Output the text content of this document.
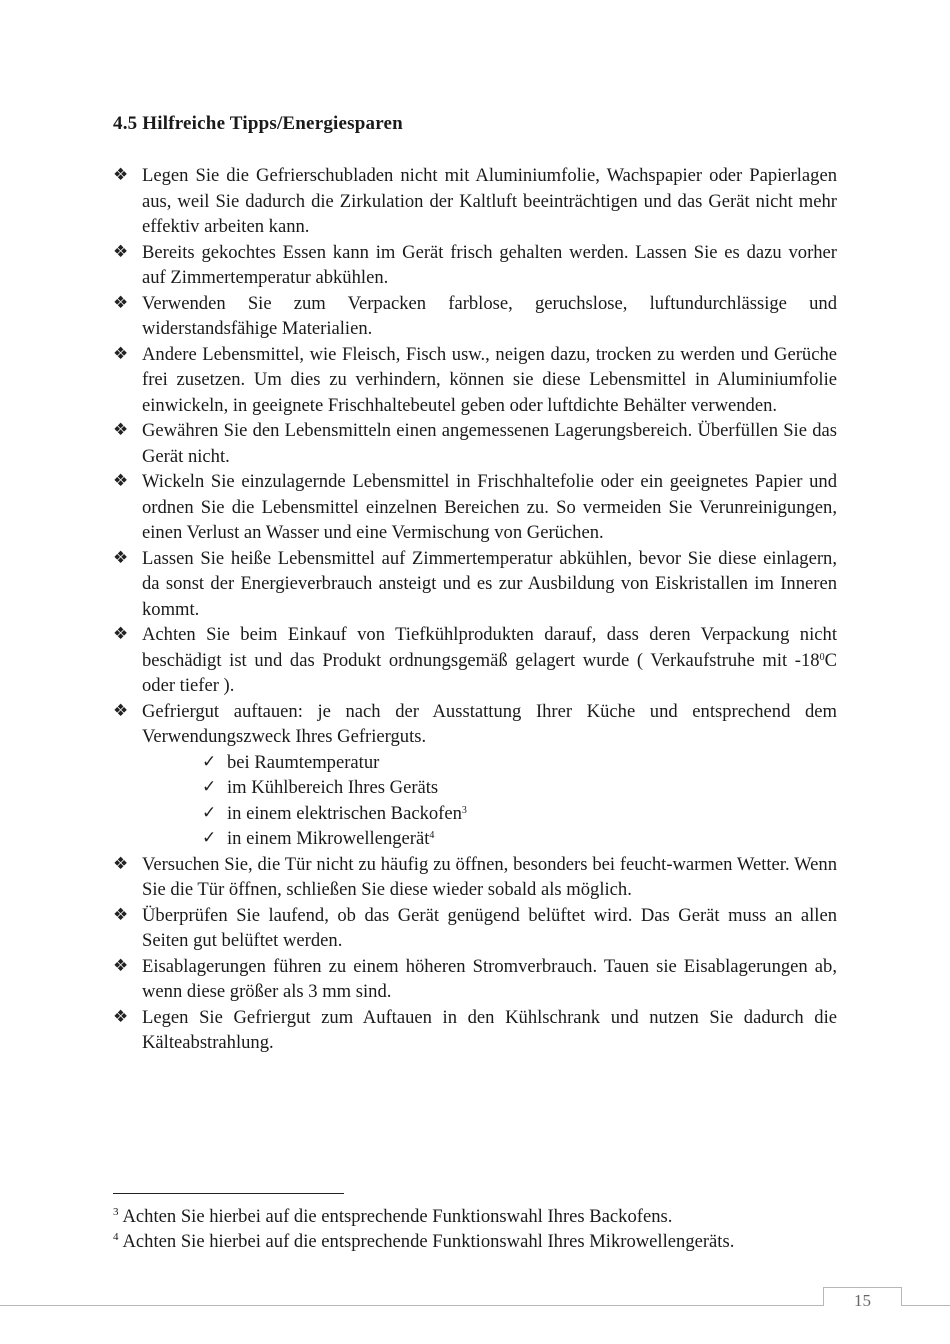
4.5 Hilfreiche Tipps/Energiesparen
❖ Legen Sie die Gefrierschubladen nicht mit Aluminiumfolie, Wachspapier oder Papierlagen aus, weil Sie dadurch die Zirkulation der Kaltluft beeinträchtigen und das Gerät nicht mehr effektiv arbeiten kann.
❖ Bereits gekochtes Essen kann im Gerät frisch gehalten werden. Lassen Sie es dazu vorher auf Zimmertemperatur abkühlen.
❖ Verwenden Sie zum Verpacken farblose, geruchslose, luftundurchlässige und widerstandsfähige Materialien.
❖ Andere Lebensmittel, wie Fleisch, Fisch usw., neigen dazu, trocken zu werden und Gerüche frei zusetzen. Um dies zu verhindern, können sie diese Lebensmittel in Aluminiumfolie einwickeln, in geeignete Frischhaltebeutel geben oder luftdichte Behälter verwenden.
❖ Gewähren Sie den Lebensmitteln einen angemessenen Lagerungsbereich. Überfüllen Sie das Gerät nicht.
❖ Wickeln Sie einzulagernde Lebensmittel in Frischhaltefolie oder ein geeignetes Papier und ordnen Sie die Lebensmittel einzelnen Bereichen zu. So vermeiden Sie Verunreinigungen, einen Verlust an Wasser und eine Vermischung von Gerüchen.
❖ Lassen Sie heiße Lebensmittel auf Zimmertemperatur abkühlen, bevor Sie diese einlagern, da sonst der Energieverbrauch ansteigt und es zur Ausbildung von Eiskristallen im Inneren kommt.
❖ Achten Sie beim Einkauf von Tiefkühlprodukten darauf, dass deren Verpackung nicht beschädigt ist und das Produkt ordnungsgemäß gelagert wurde ( Verkaufstruhe mit $-18^0C$ oder tiefer ).
❖ Gefriergut auftauen: je nach der Ausstattung Ihrer Küche und entsprechend dem Verwendungszweck Ihres Gefrierguts.
✓ bei Raumtemperatur
✓ im Kühlbereich Ihres Geräts
✓ in einem elektrischen Backofen$^3$
✓ in einem Mikrowellengerät$^4$
❖ Versuchen Sie, die Tür nicht zu häufig zu öffnen, besonders bei feucht-warmen Wetter. Wenn Sie die Tür öffnen, schließen Sie diese wieder sobald als möglich.
❖ Überprüfen Sie laufend, ob das Gerät genügend belüftet wird. Das Gerät muss an allen Seiten gut belüftet werden.
❖ Eisablagerungen führen zu einem höheren Stromverbrauch. Tauen sie Eisablagerungen ab, wenn diese größer als 3 mm sind.
❖ Legen Sie Gefriergut zum Auftauen in den Kühlschrank und nutzen Sie dadurch die Kälteabstrahlung.

$^3$ Achten Sie hierbei auf die entsprechende Funktionswahl Ihres Backofens.

$^4$ Achten Sie hierbei auf die entsprechende Funktionswahl Ihres Mikrowellengeräts.

15
